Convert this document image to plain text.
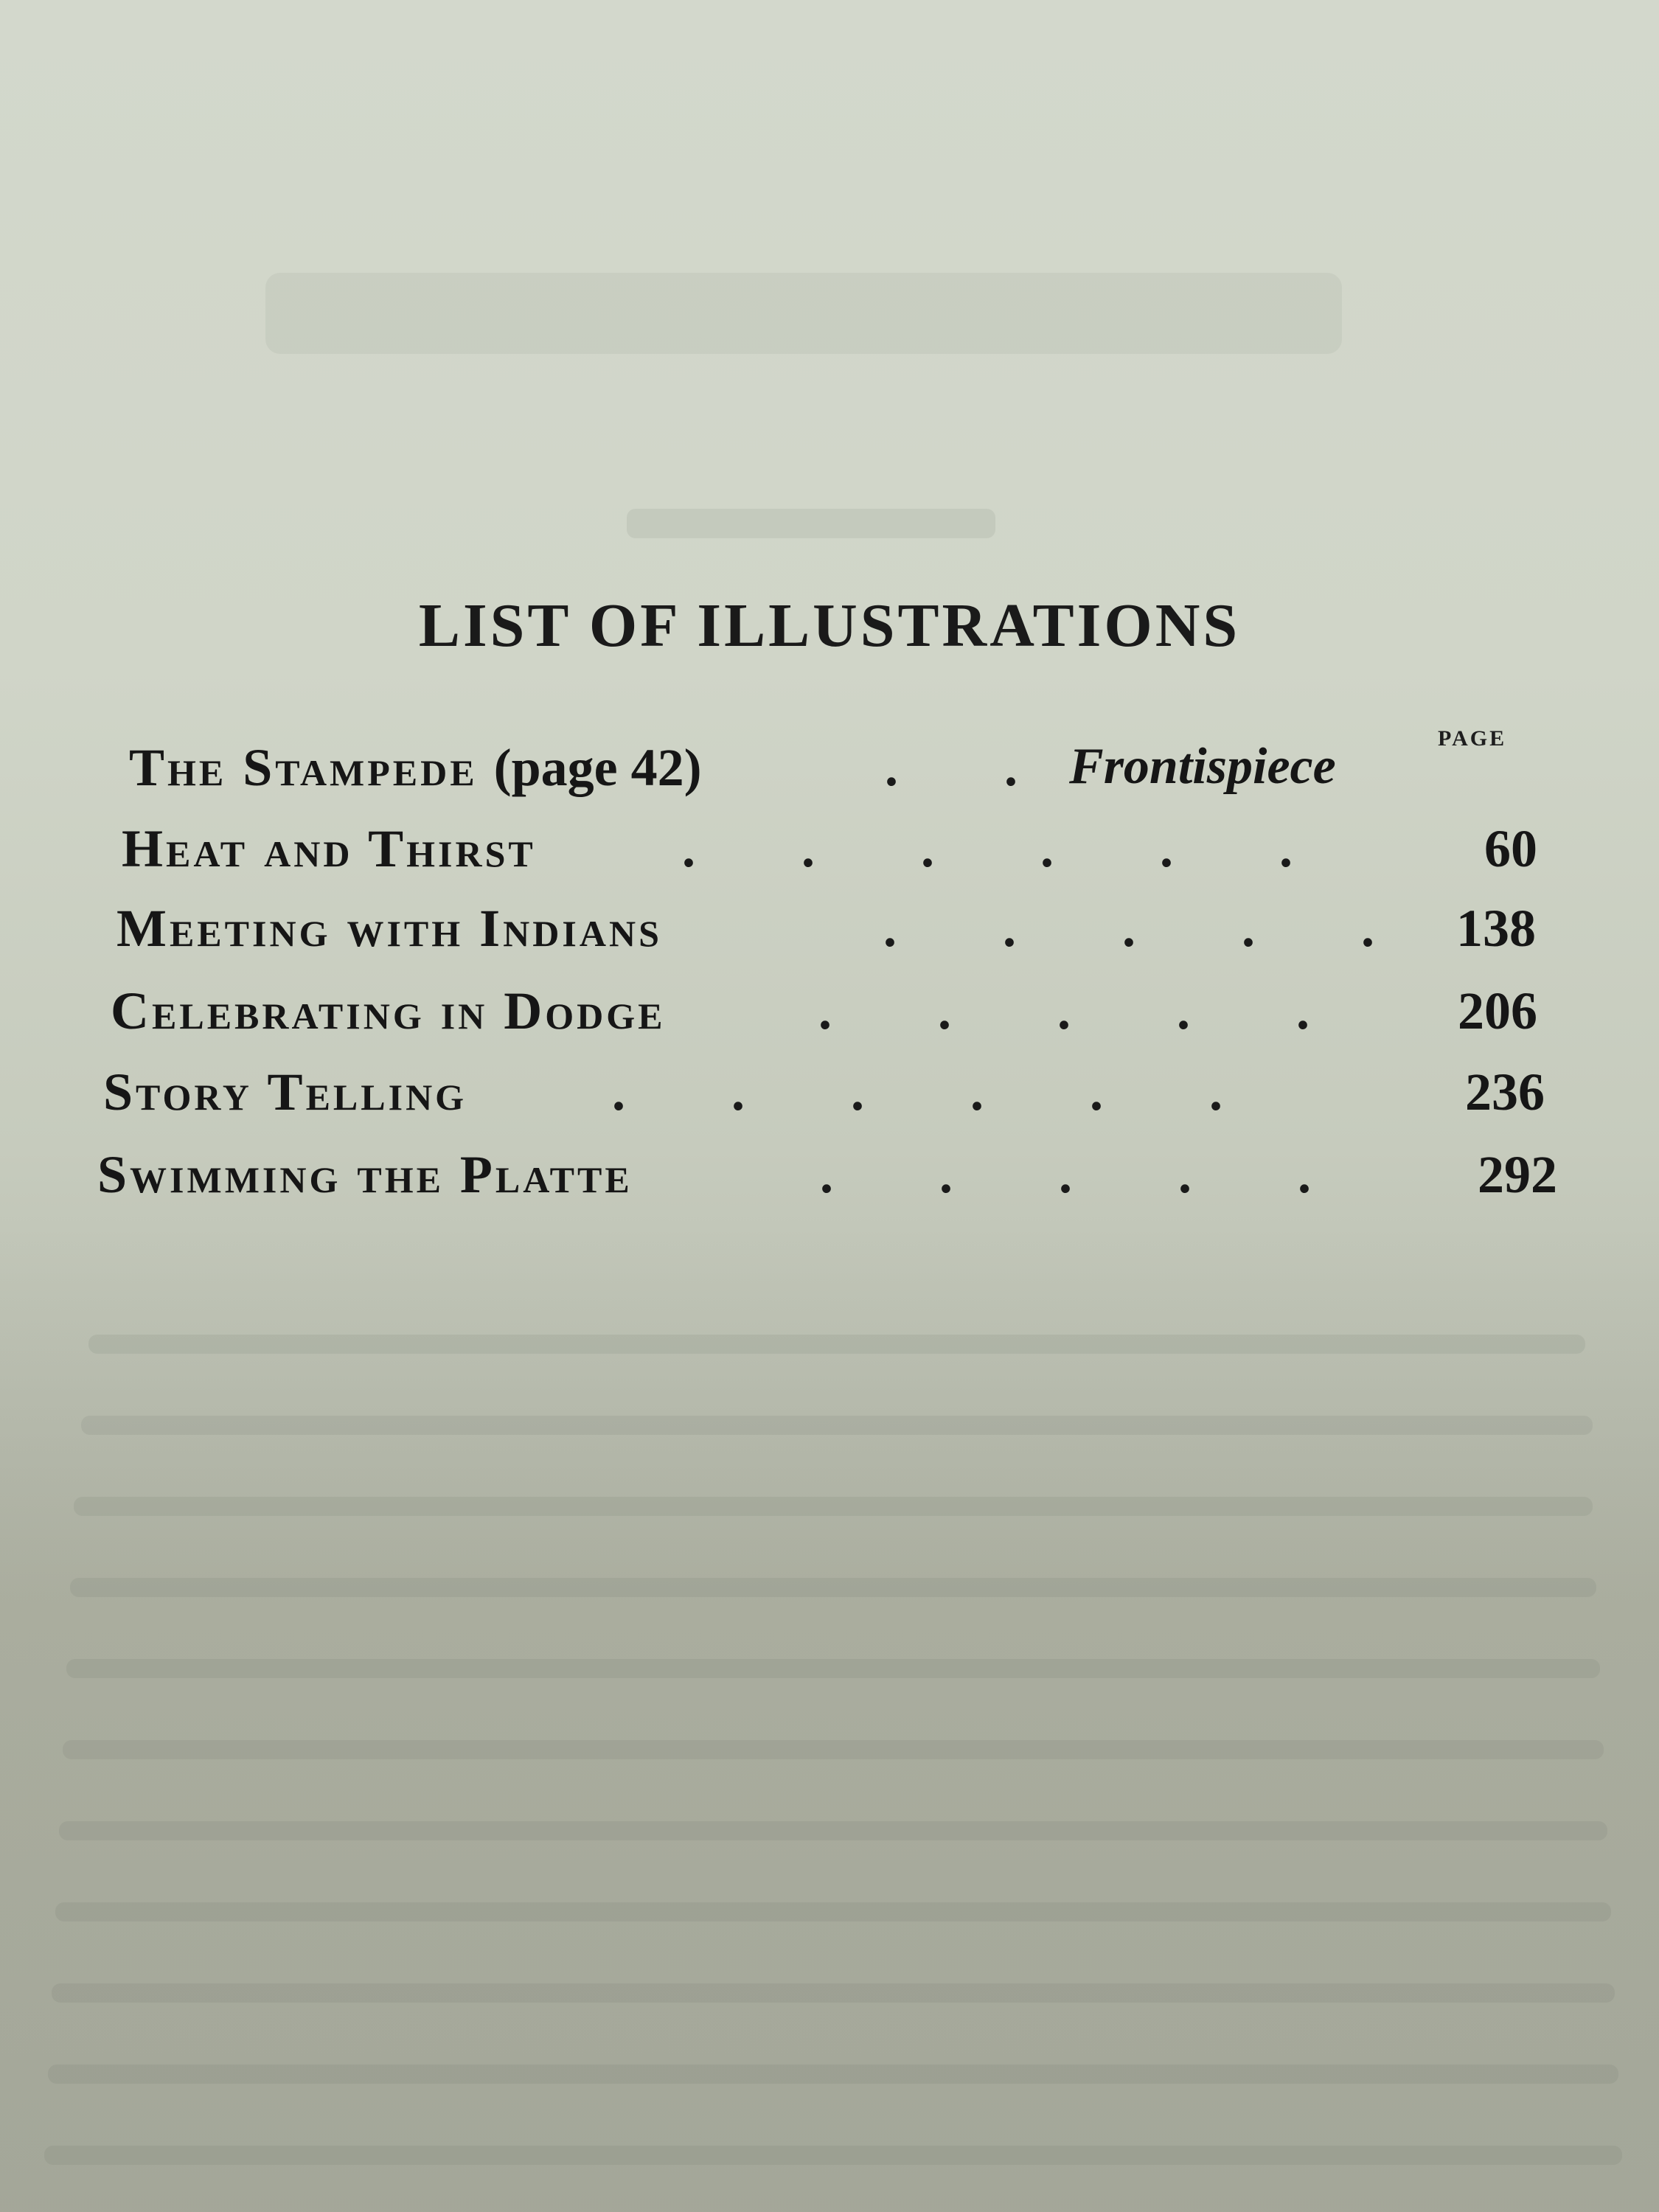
LIST OF ILLUSTRATIONS
PAGE
The Stampede (page 42)	.        . Frontispiece
Heat and Thirst	.        .        .        .        .        .	60
Meeting with Indians	.        .        .        .        . 138
Celebrating in Dodge	.        .        .        .        .	206
Story Telling	.        .        .        .        .        .	236
Swimming the Platte	.        .        .        .        .	292
